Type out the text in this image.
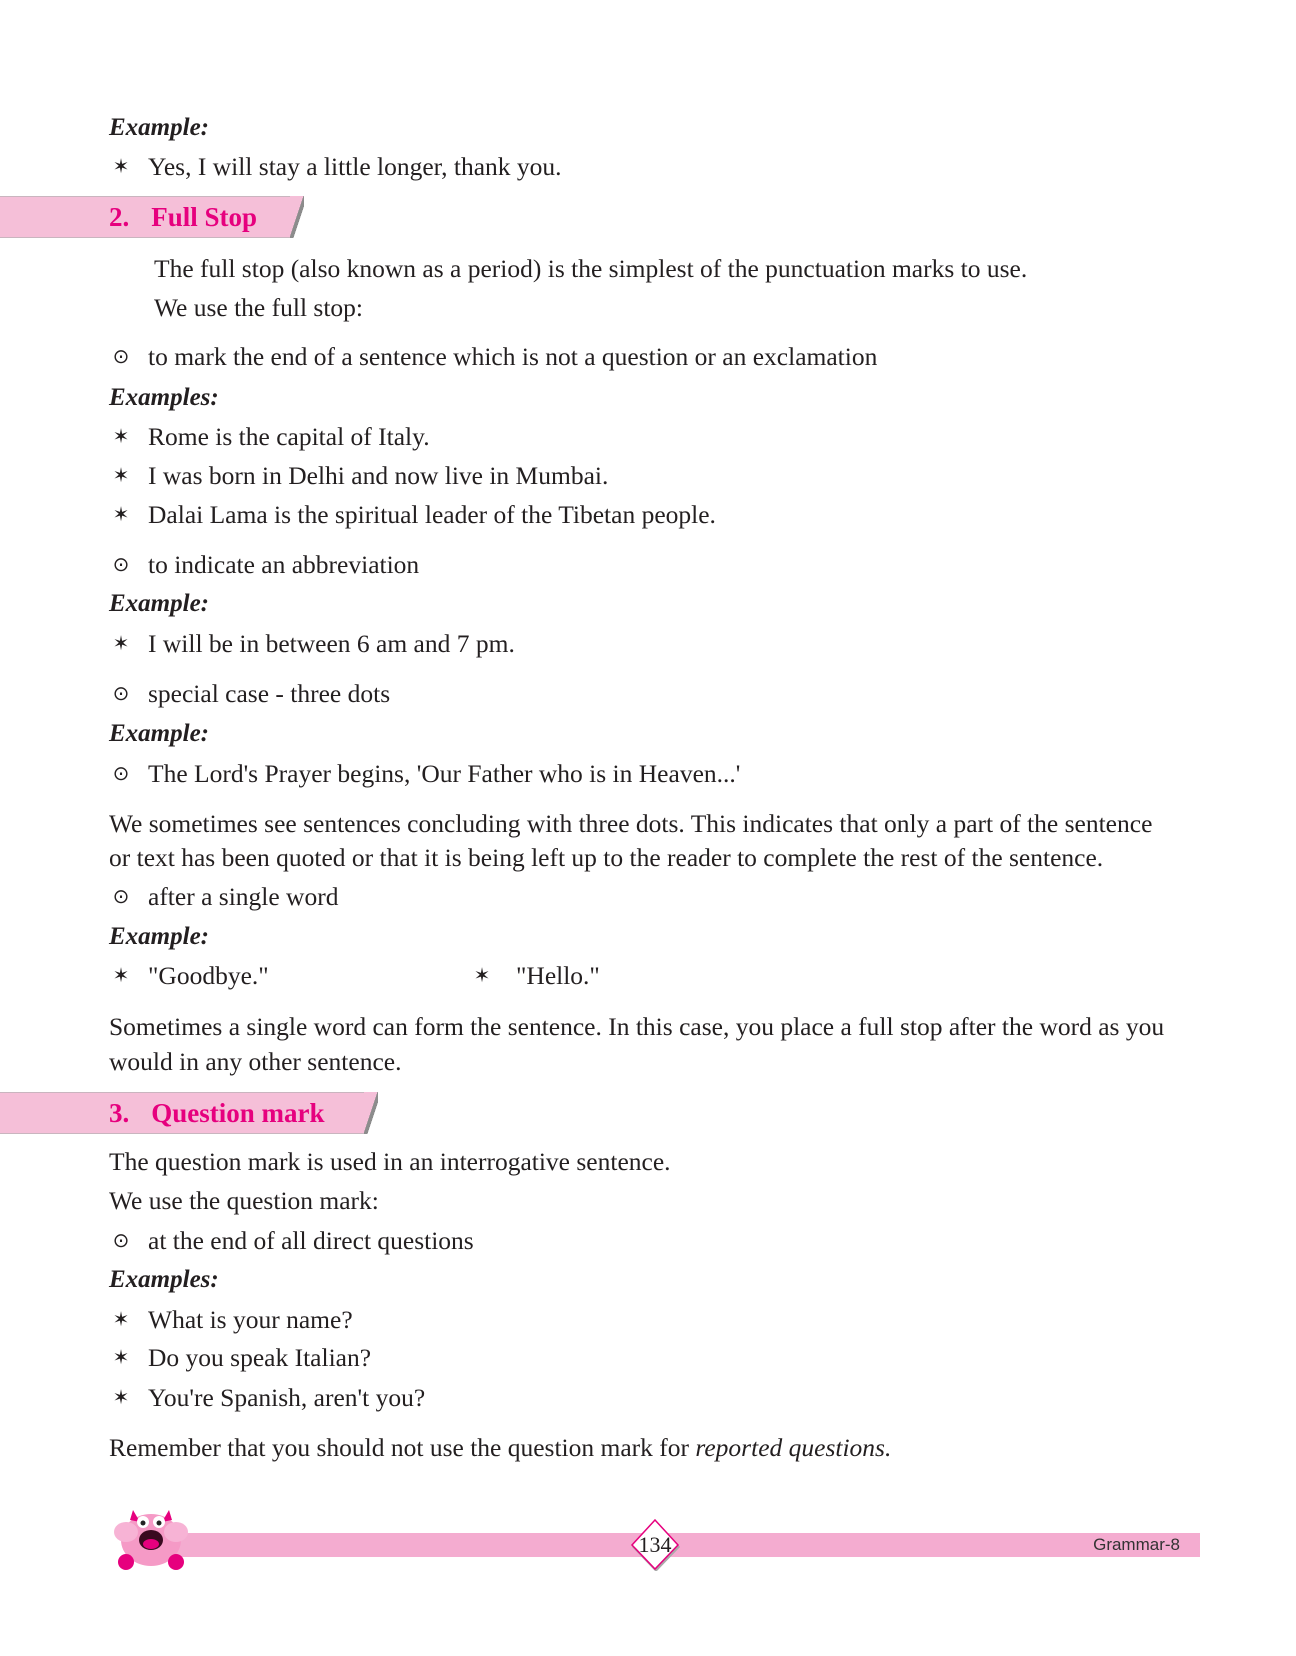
Example:
✶ Yes, I will stay a little longer, thank you.
2. Full Stop
The full stop (also known as a period) is the simplest of the punctuation marks to use.
We use the full stop:
⊙ to mark the end of a sentence which is not a question or an exclamation
Examples:
✶ Rome is the capital of Italy.
✶ I was born in Delhi and now live in Mumbai.
✶ Dalai Lama is the spiritual leader of the Tibetan people.
⊙ to indicate an abbreviation
Example:
✶ I will be in between 6 am and 7 pm.
⊙ special case - three dots
Example:
⊙ The Lord's Prayer begins, 'Our Father who is in Heaven...'
We sometimes see sentences concluding with three dots. This indicates that only a part of the sentence
or text has been quoted or that it is being left up to the reader to complete the rest of the sentence.
⊙ after a single word
Example:
✶ "Goodbye."	✶ "Hello."
Sometimes a single word can form the sentence. In this case, you place a full stop after the word as you
would in any other sentence.
3. Question mark
The question mark is used in an interrogative sentence.
We use the question mark:
⊙ at the end of all direct questions
Examples:
✶ What is your name?
✶ Do you speak Italian?
✶ You're Spanish, aren't you?
Remember that you should not use the question mark for reported questions.
134	Grammar-8
